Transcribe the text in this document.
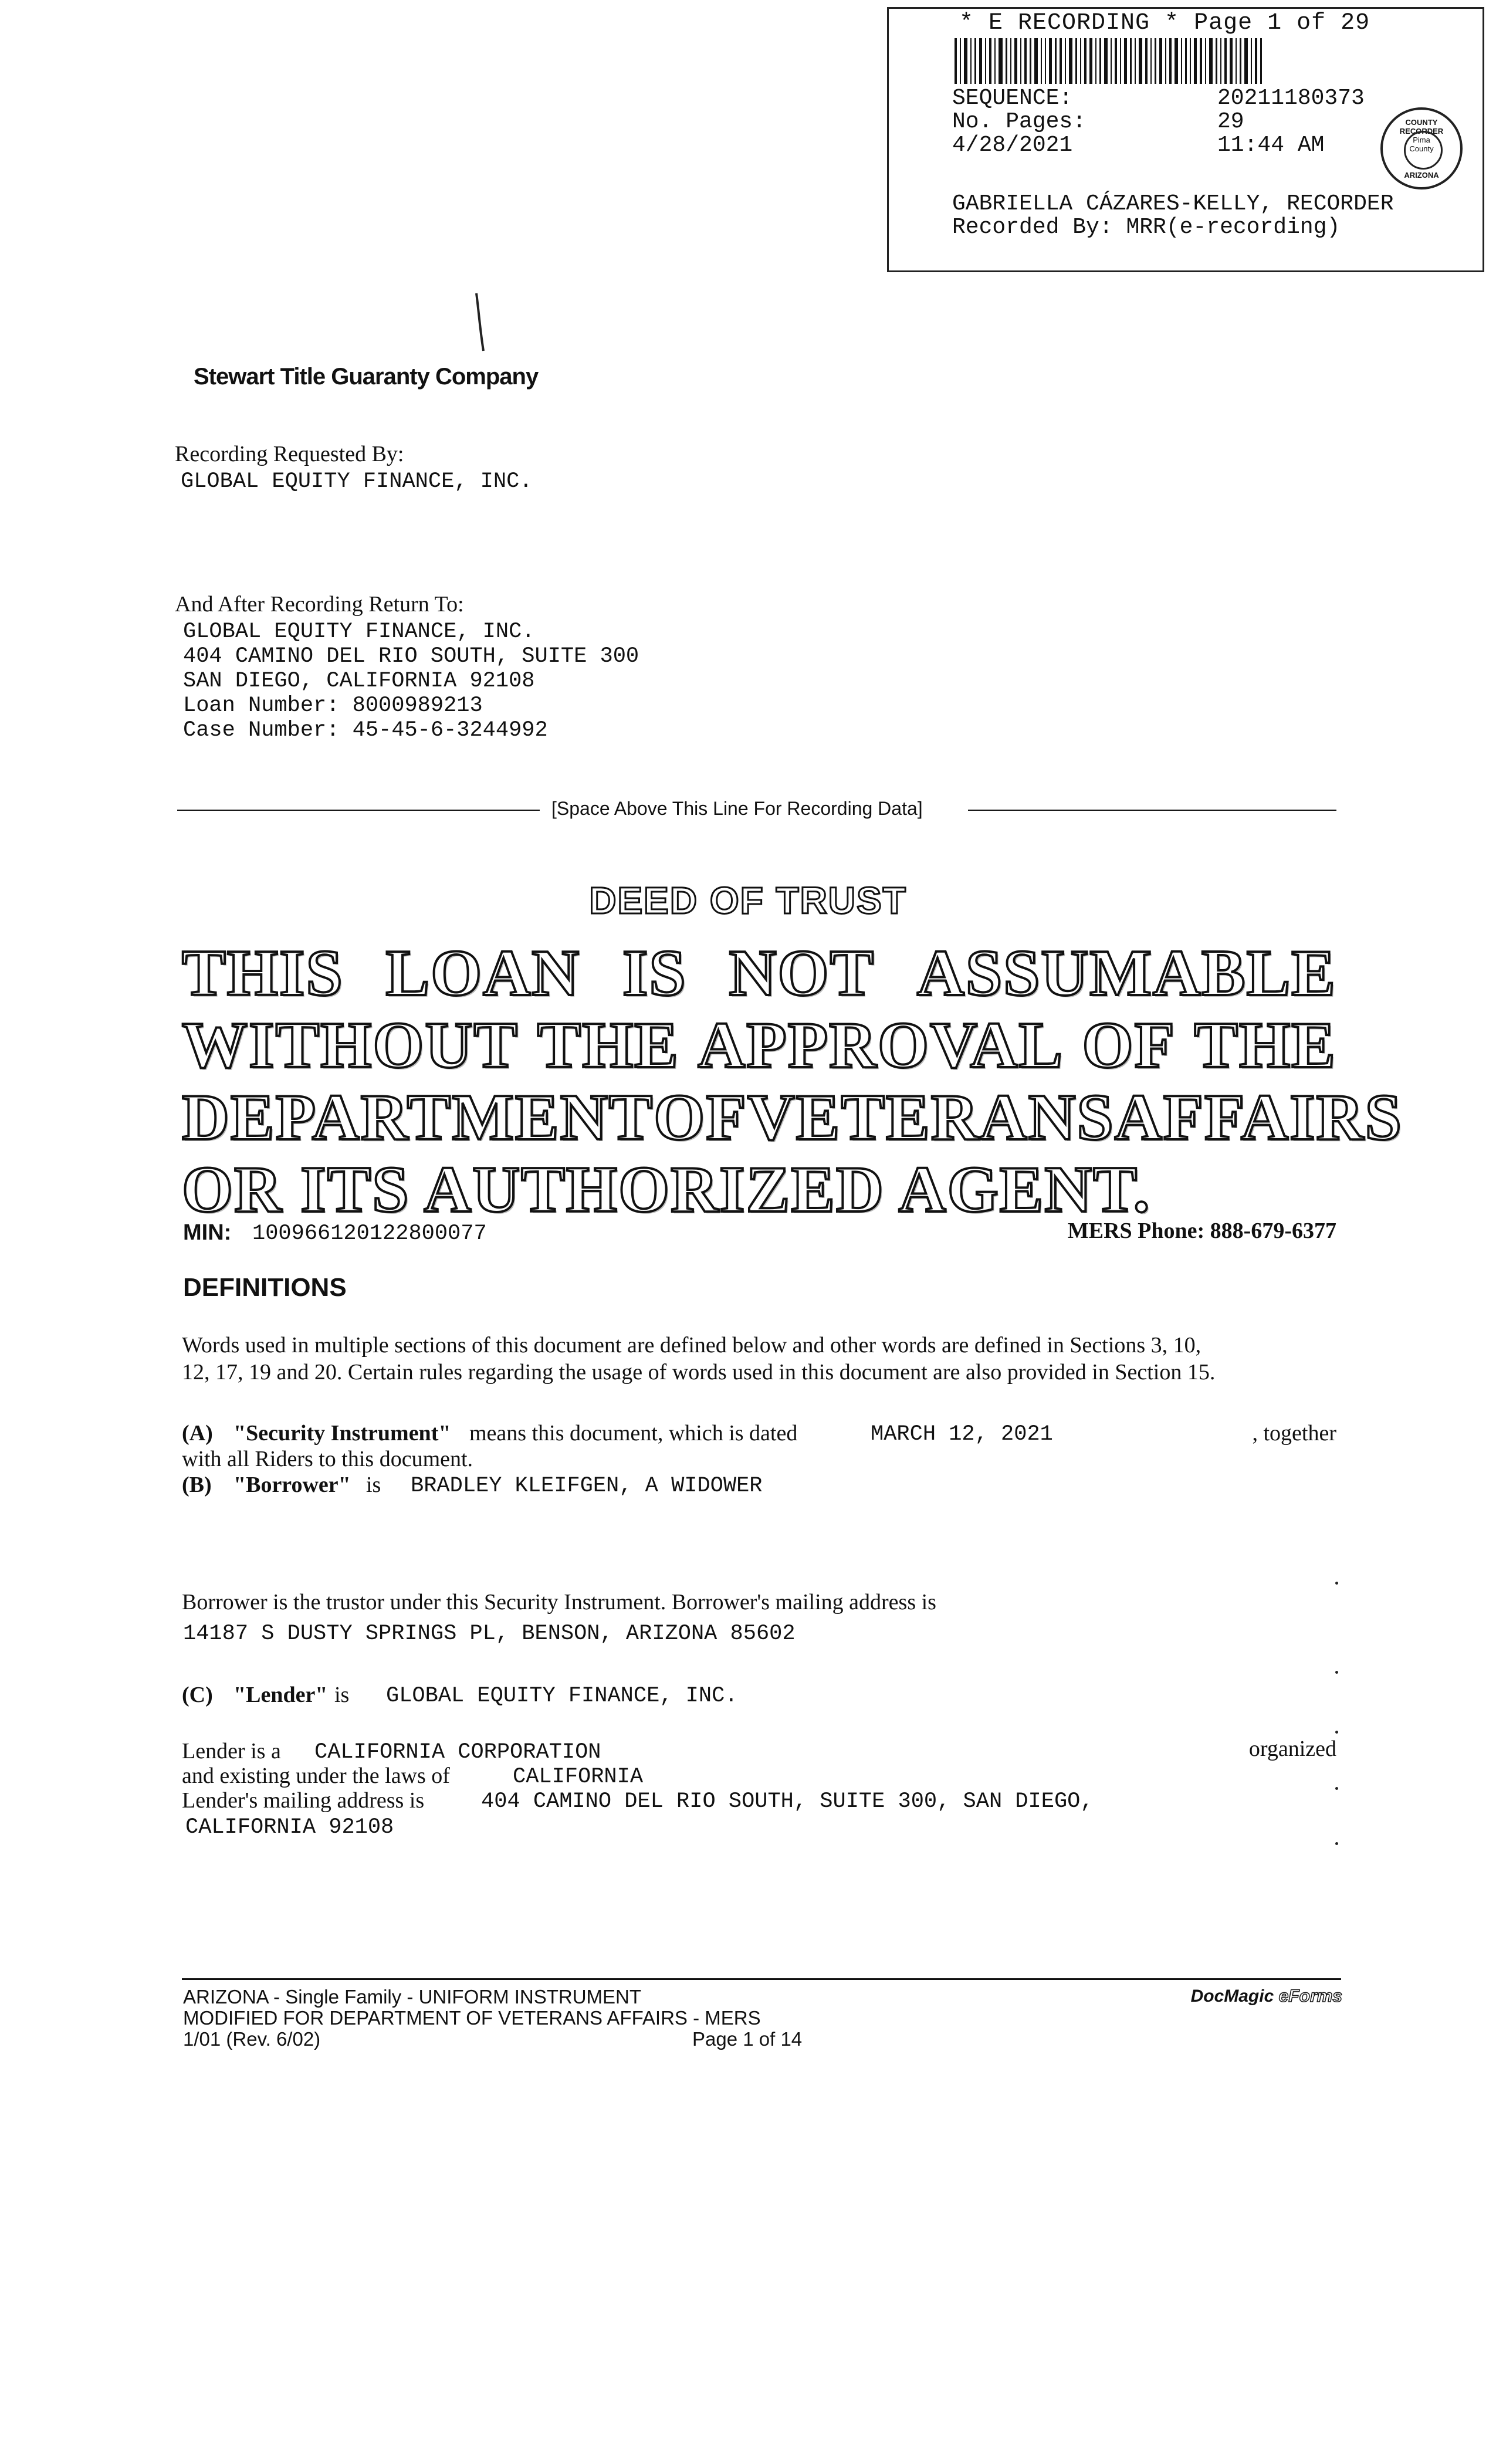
* E RECORDING * Page 1 of 29
SEQUENCE:	20211180373
No. Pages:	29
4/28/2021	11:44 AM
COUNTY RECORDER
Pima
County
ARIZONA
GABRIELLA CÁZARES-KELLY, RECORDER
Recorded By: MRR(e-recording)
Stewart Title Guaranty Company
Recording Requested By:
GLOBAL EQUITY FINANCE, INC.
And After Recording Return To:
GLOBAL EQUITY FINANCE, INC.
404 CAMINO DEL RIO SOUTH, SUITE 300
SAN DIEGO, CALIFORNIA 92108
Loan Number: 8000989213
Case Number: 45-45-6-3244992
[Space Above This Line For Recording Data]
DEED OF TRUST
THIS LOAN IS NOT ASSUMABLE
WITHOUT THE APPROVAL OF THE
DEPARTMENT OF VETERANS AFFAIRS
OR ITS AUTHORIZED AGENT.
MIN: 100966120122800077	MERS Phone: 888-679-6377
DEFINITIONS
Words used in multiple sections of this document are defined below and other words are defined in Sections 3, 10,
12, 17, 19 and 20. Certain rules regarding the usage of words used in this document are also provided in Section 15.
(A) "Security Instrument" means this document, which is dated	MARCH 12, 2021	, together
with all Riders to this document.
(B) "Borrower" is BRADLEY KLEIFGEN, A WIDOWER
Borrower is the trustor under this Security Instrument. Borrower's mailing address is
14187 S DUSTY SPRINGS PL, BENSON, ARIZONA 85602
(C) "Lender" is GLOBAL EQUITY FINANCE, INC.
Lender is a CALIFORNIA CORPORATION	organized
and existing under the laws of	CALIFORNIA
Lender's mailing address is	404 CAMINO DEL RIO SOUTH, SUITE 300, SAN DIEGO,
CALIFORNIA 92108
ARIZONA - Single Family - UNIFORM INSTRUMENT
MODIFIED FOR DEPARTMENT OF VETERANS AFFAIRS - MERS
1/01 (Rev. 6/02)	Page 1 of 14
DocMagic eForms
